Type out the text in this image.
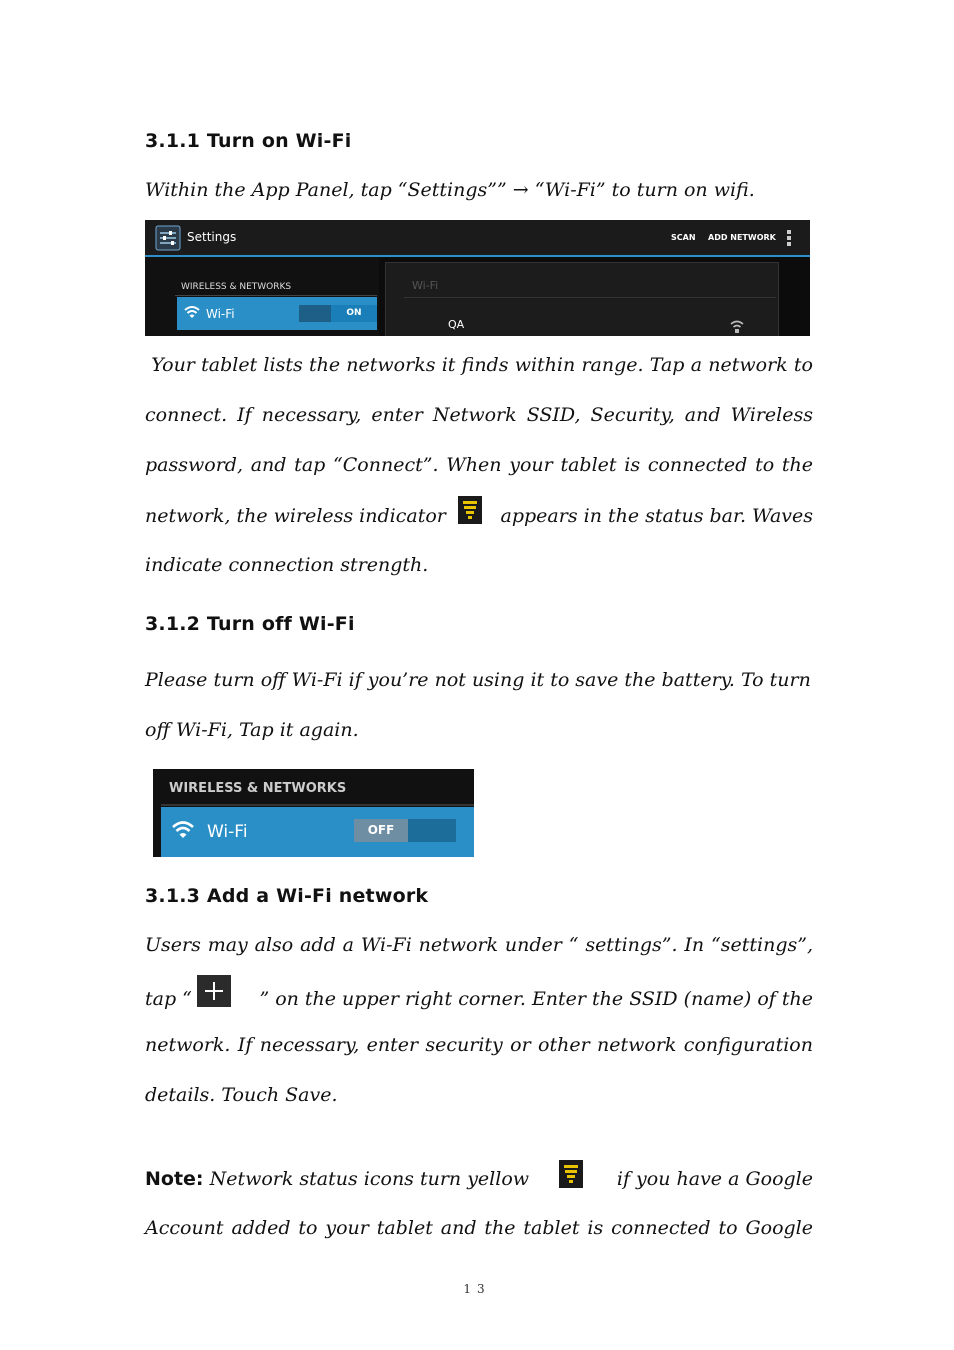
3.1.1 Turn on Wi-Fi
Within the App Panel, tap “Settings”” → “Wi-Fi” to turn on wifi.
Settings	SCAN ADD NETWORK
WIRELESS & NETWORKS
Wi-Fi	ON
Wi-Fi
QA
Your tablet lists the networks it finds within range. Tap a network to
connect. If necessary, enter Network SSID, Security, and Wireless
password, and tap “Connect”. When your tablet is connected to the
network, the wireless indicator	appears in the status bar. Waves
indicate connection strength.
3.1.2 Turn off Wi-Fi
Please turn off Wi-Fi if you’re not using it to save the battery. To turn
off Wi-Fi, Tap it again.
WIRELESS & NETWORKS
Wi-Fi	OFF
3.1.3 Add a Wi-Fi network
Users may also add a Wi-Fi network under “ settings”. In “settings”,
tap “	” on the upper right corner. Enter the SSID (name) of the
network. If necessary, enter security or other network configuration
details. Touch Save.
Note: Network status icons turn yellow	if you have a Google
Account added to your tablet and the tablet is connected to Google
13
